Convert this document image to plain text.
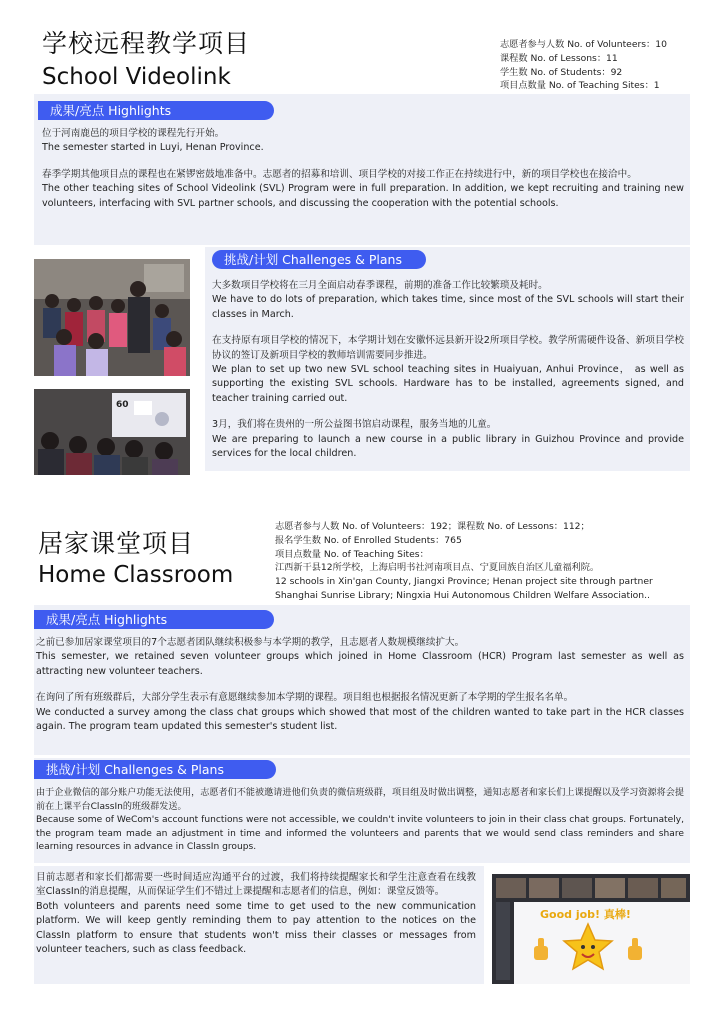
学校远程教学项目
School Videolink
志愿者参与人数 No. of Volunteers：10
课程数 No. of Lessons：11
学生数 No. of Students：92
项目点数量 No. of Teaching Sites：1
成果/亮点 Highlights

位于河南鹿邑的项目学校的课程先行开始。

The semester started in Luyi, Henan Province.

春季学期其他项目点的课程也在紧锣密鼓地准备中。志愿者的招募和培训、项目学校的对接工作正在持续进行中，新的项目学校也在接洽中。

The other teaching sites of School Videolink (SVL) Program were in full preparation. In addition, we kept recruiting and training new volunteers, interfacing with SVL partner schools, and discussing the cooperation with the potential schools.

挑战/计划 Challenges & Plans

大多数项目学校将在三月全面启动春季课程，前期的准备工作比较繁琐及耗时。

We have to do lots of preparation, which takes time, since most of the SVL schools will start their classes in March.

在支持原有项目学校的情况下，本学期计划在安徽怀远县新开设2所项目学校。教学所需硬件设备、新项目学校协议的签订及新项目学校的教师培训需要同步推进。

We plan to set up two new SVL school teaching sites in Huaiyuan, Anhui Province， as well as supporting the existing SVL schools. Hardware has to be installed, agreements signed, and teacher training carried out.

3月，我们将在贵州的一所公益图书馆启动课程，服务当地的儿童。

We are preparing to launch a new course in a public library in Guizhou Province and provide services for the local children.

60
居家课堂项目
Home Classroom
志愿者参与人数 No. of Volunteers：192；课程数 No. of Lessons：112；
报名学生数 No. of Enrolled Students：765
项目点数量 No. of Teaching Sites：
江西新干县12所学校，上海启明书社河南项目点、宁夏回族自治区儿童福利院。
12 schools in Xin'gan County, Jiangxi Province; Henan project site through partner Shanghai Sunrise Library; Ningxia Hui Autonomous Children Welfare Association..
成果/亮点 Highlights

之前已参加居家课堂项目的7个志愿者团队继续积极参与本学期的教学，且志愿者人数规模继续扩大。

This semester, we retained seven volunteer groups which joined in Home Classroom (HCR) Program last semester as well as attracting new volunteer teachers.

在询问了所有班级群后，大部分学生表示有意愿继续参加本学期的课程。项目组也根据报名情况更新了本学期的学生报名名单。

We conducted a survey among the class chat groups which showed that most of the children wanted to take part in the HCR classes again. The program team updated this semester's student list.

挑战/计划 Challenges & Plans

由于企业微信的部分账户功能无法使用，志愿者们不能被邀请进他们负责的微信班级群，项目组及时做出调整，通知志愿者和家长们上课提醒以及学习资源将会提前在上课平台ClassIn的班级群发送。

Because some of WeCom's account functions were not accessible, we couldn't invite volunteers to join in their class chat groups. Fortunately, the program team made an adjustment in time and informed the volunteers and parents that we would send class reminders and share learning resources in advance in ClassIn groups.

目前志愿者和家长们都需要一些时间适应沟通平台的过渡，我们将持续提醒家长和学生注意查看在线教室ClassIn的消息提醒，从而保证学生们不错过上课提醒和志愿者们的信息，例如：课堂反馈等。

Both volunteers and parents need some time to get used to the new communication platform. We will keep gently reminding them to pay attention to the notices on the ClassIn platform to ensure that students won't miss their classes or messages from volunteer teachers, such as class feedback.

Good job! 真棒!
